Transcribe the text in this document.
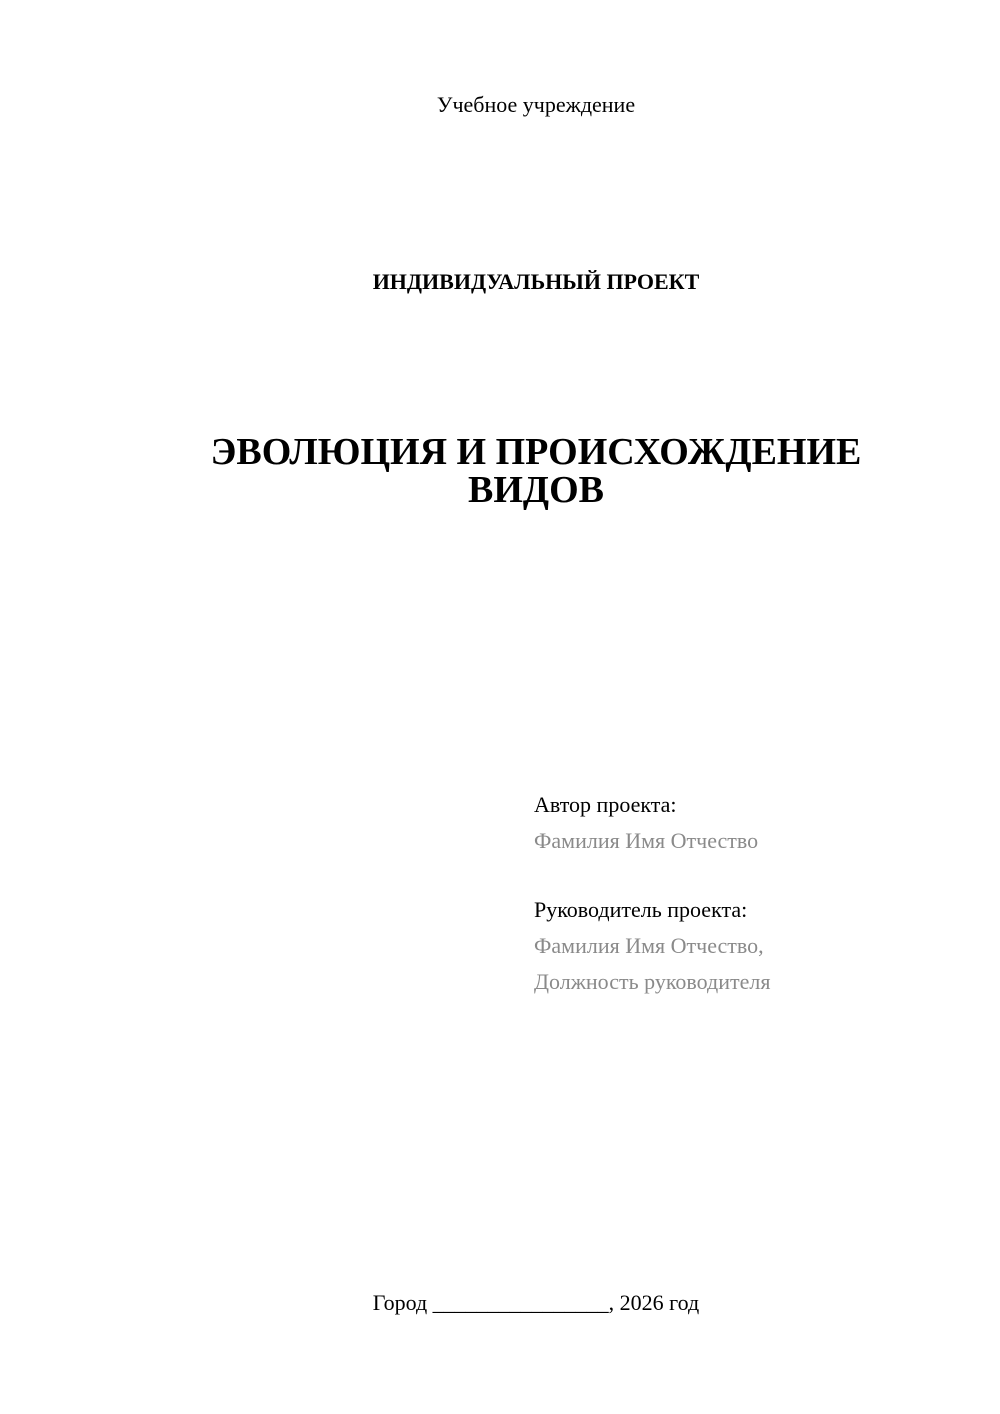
Учебное учреждение
ИНДИВИДУАЛЬНЫЙ ПРОЕКТ
ЭВОЛЮЦИЯ И ПРОИСХОЖДЕНИЕ
ВИДОВ
Автор проекта:
Фамилия Имя Отчество
Руководитель проекта:
Фамилия Имя Отчество,
Должность руководителя
Город ________________, 2026 год
